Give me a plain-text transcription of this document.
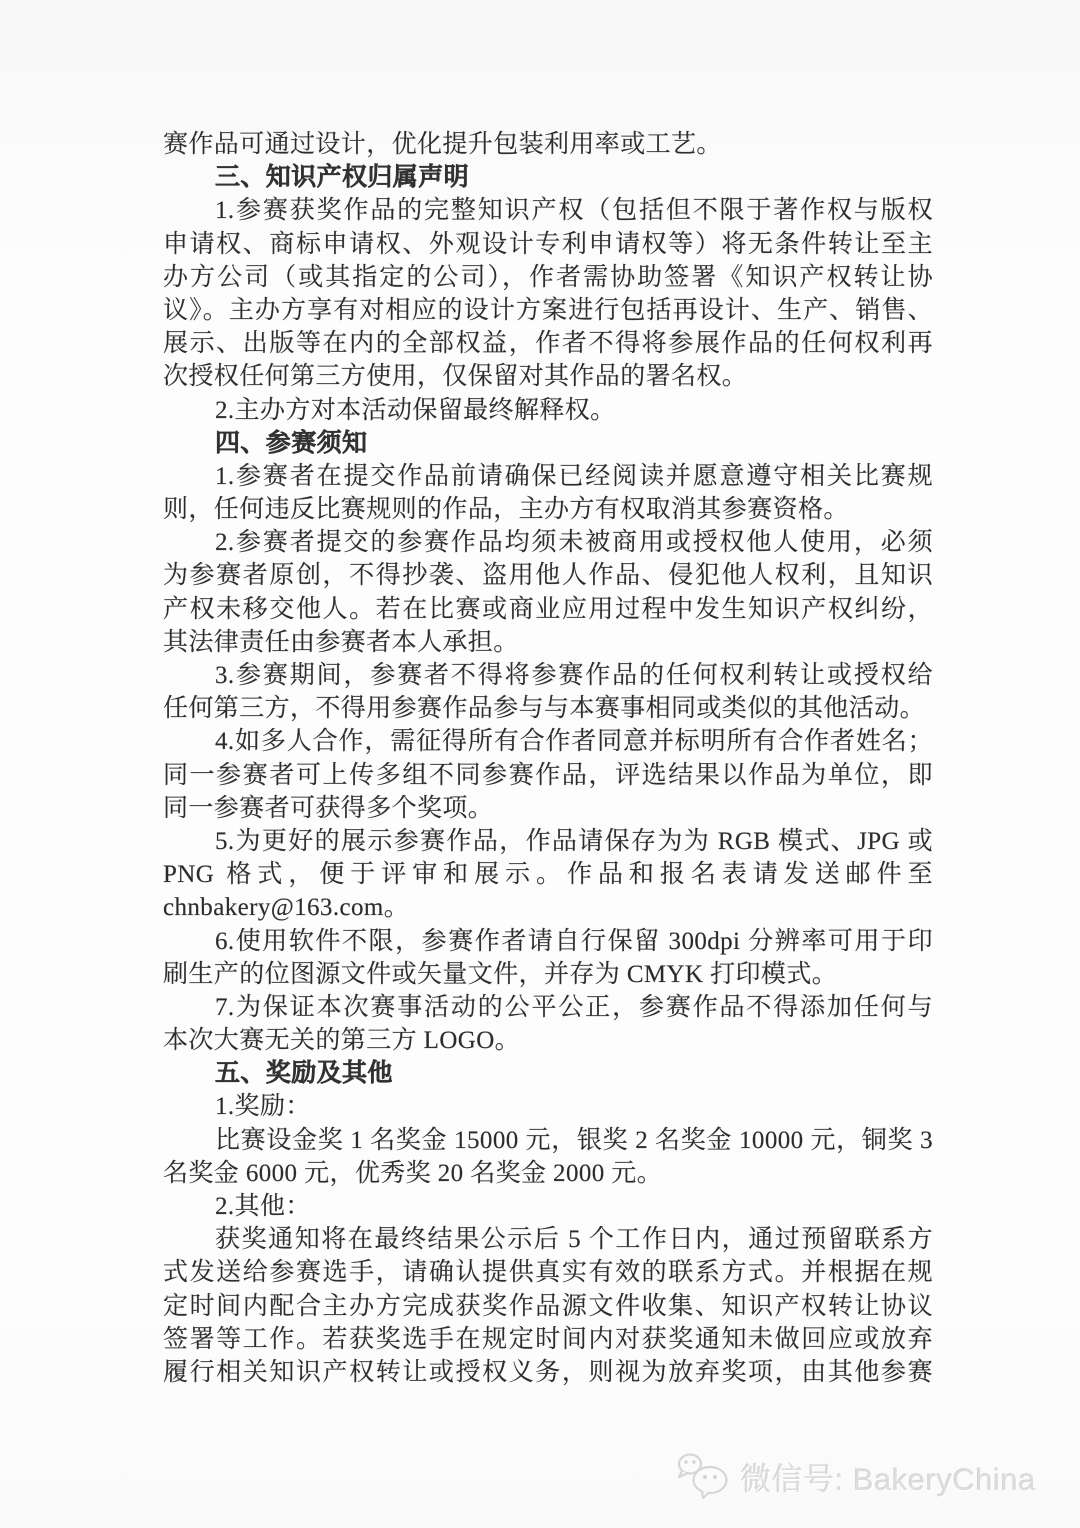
赛作品可通过设计，优化提升包装利用率或工艺。
三、知识产权归属声明
1.参赛获奖作品的完整知识产权（包括但不限于著作权与版权
申请权、商标申请权、外观设计专利申请权等）将无条件转让至主
办方公司（或其指定的公司），作者需协助签署《知识产权转让协
议》。主办方享有对相应的设计方案进行包括再设计、生产、销售、
展示、出版等在内的全部权益，作者不得将参展作品的任何权利再
次授权任何第三方使用，仅保留对其作品的署名权。
2.主办方对本活动保留最终解释权。
四、参赛须知
1.参赛者在提交作品前请确保已经阅读并愿意遵守相关比赛规
则，任何违反比赛规则的作品，主办方有权取消其参赛资格。
2.参赛者提交的参赛作品均须未被商用或授权他人使用，必须
为参赛者原创，不得抄袭、盗用他人作品、侵犯他人权利，且知识
产权未移交他人。若在比赛或商业应用过程中发生知识产权纠纷，
其法律责任由参赛者本人承担。
3.参赛期间，参赛者不得将参赛作品的任何权利转让或授权给
任何第三方，不得用参赛作品参与与本赛事相同或类似的其他活动。
4.如多人合作，需征得所有合作者同意并标明所有合作者姓名；
同一参赛者可上传多组不同参赛作品，评选结果以作品为单位，即
同一参赛者可获得多个奖项。
5.为更好的展示参赛作品，作品请保存为为 RGB 模式、JPG 或
PNG 格式，便于评审和展示。作品和报名表请发送邮件至
chnbakery@163.com。
6.使用软件不限，参赛作者请自行保留 300dpi 分辨率可用于印
刷生产的位图源文件或矢量文件，并存为 CMYK 打印模式。
7.为保证本次赛事活动的公平公正，参赛作品不得添加任何与
本次大赛无关的第三方 LOGO。
五、奖励及其他
1.奖励：
比赛设金奖 1 名奖金 15000 元，银奖 2 名奖金 10000 元，铜奖 3
名奖金 6000 元，优秀奖 20 名奖金 2000 元。
2.其他：
获奖通知将在最终结果公示后 5 个工作日内，通过预留联系方
式发送给参赛选手，请确认提供真实有效的联系方式。并根据在规
定时间内配合主办方完成获奖作品源文件收集、知识产权转让协议
签署等工作。若获奖选手在规定时间内对获奖通知未做回应或放弃
履行相关知识产权转让或授权义务，则视为放弃奖项，由其他参赛
微信号: BakeryChina
